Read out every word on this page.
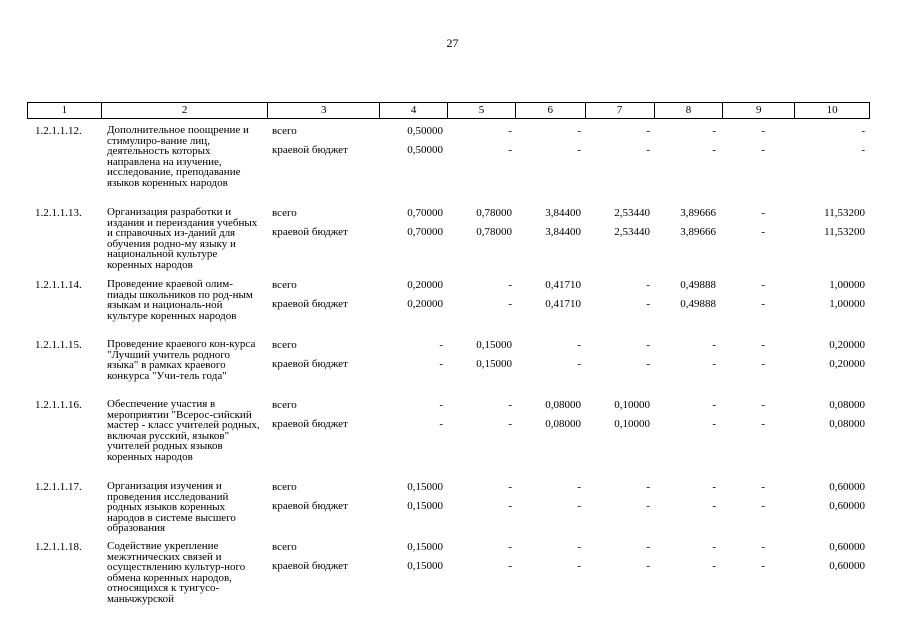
27
1	2	3	4	5	6	7	8	9	10
1.2.1.1.12. Дополнительное поощрение и стимулиро-вание лиц, деятельность которых направлена на изучение, исследование, преподавание языков коренных народов
всего	0,50000	-	-	-	-	-	-
краевой бюджет	0,50000	-	-	-	-	-	-
1.2.1.1.13. Организация разработки и издания и переиздания учебных и справочных из-даний для обучения родно-му языку и национальной культуре коренных народов
всего	0,70000	0,78000	3,84400	2,53440	3,89666	-	11,53200
краевой бюджет	0,70000	0,78000	3,84400	2,53440	3,89666	-	11,53200
1.2.1.1.14. Проведение краевой олим-пиады школьников по род-ным языкам и националь-ной культуре коренных народов
всего	0,20000	-	0,41710	-	0,49888	-	1,00000
краевой бюджет	0,20000	-	0,41710	-	0,49888	-	1,00000
1.2.1.1.15. Проведение краевого кон-курса "Лучший учитель родного языка" в рамках краевого конкурса "Учи-тель года"
всего	-	0,15000	-	-	-	-	0,20000
краевой бюджет	-	0,15000	-	-	-	-	0,20000
1.2.1.1.16. Обеспечение участия в мероприятии "Всерос-сийский мастер - класс учителей родных, включая русский, языков" учителей родных языков коренных народов
всего	-	-	0,08000	0,10000	-	-	0,08000
краевой бюджет	-	-	0,08000	0,10000	-	-	0,08000
1.2.1.1.17. Организация изучения и проведения исследований родных языков коренных народов в системе высшего образования
всего	0,15000	-	-	-	-	-	0,60000
краевой бюджет	0,15000	-	-	-	-	-	0,60000
1.2.1.1.18. Содействие укрепление межэтнических связей и осуществлению культур-ного обмена коренных народов, относящихся к тунгусо-маньчжурской
всего	0,15000	-	-	-	-	-	0,60000
краевой бюджет	0,15000	-	-	-	-	-	0,60000
